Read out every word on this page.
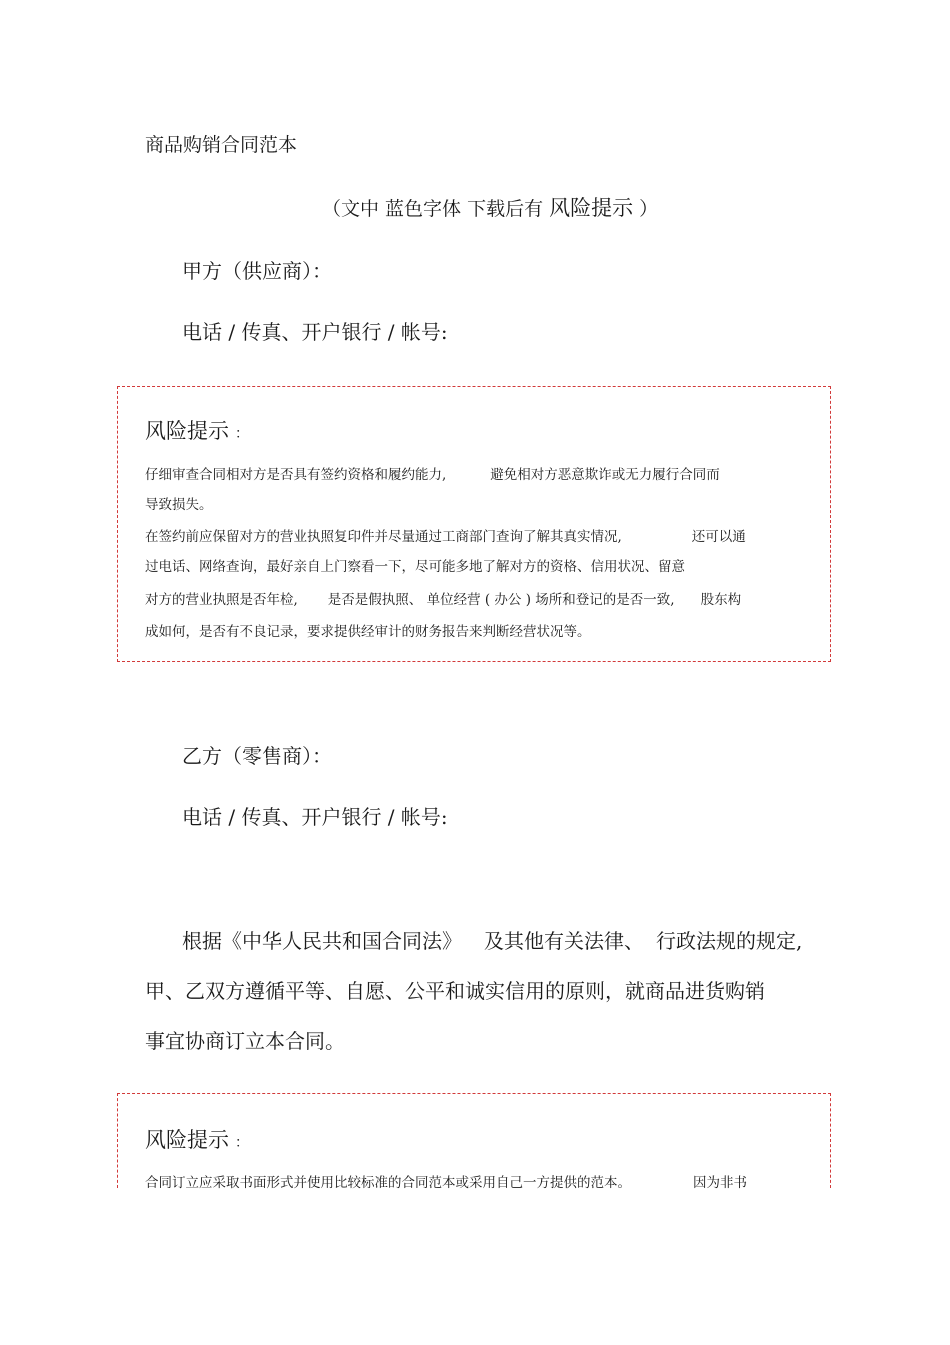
商品购销合同范本
（文中 蓝色字体 下载后有 风险提示 ）
甲方（供应商）：
电话 / 传真、开户银行 / 帐号:
风险提示 ：
仔细审查合同相对方是否具有签约资格和履约能力,	避免相对方恶意欺诈或无力履行合同而
导致损失。
在签约前应保留对方的营业执照复印件并尽量通过工商部门查询了解其真实情况,	还可以通
过电话、网络查询，最好亲自上门察看一下，尽可能多地了解对方的资格、信用状况、留意
对方的营业执照是否年检, 是否是假执照、 单位经营 ( 办公 ) 场所和登记的是否一致, 股东构
成如何，是否有不良记录，要求提供经审计的财务报告来判断经营状况等。
乙方（零售商）：
电话 / 传真、开户银行 / 帐号:
根据《中华人民共和国合同法》 及其他有关法律、 行政法规的规定,
甲、乙双方遵循平等、自愿、公平和诚实信用的原则，就商品进货购销
事宜协商订立本合同。
风险提示 ：
合同订立应采取书面形式并使用比较标准的合同范本或采用自己一方提供的范本。	因为非书
